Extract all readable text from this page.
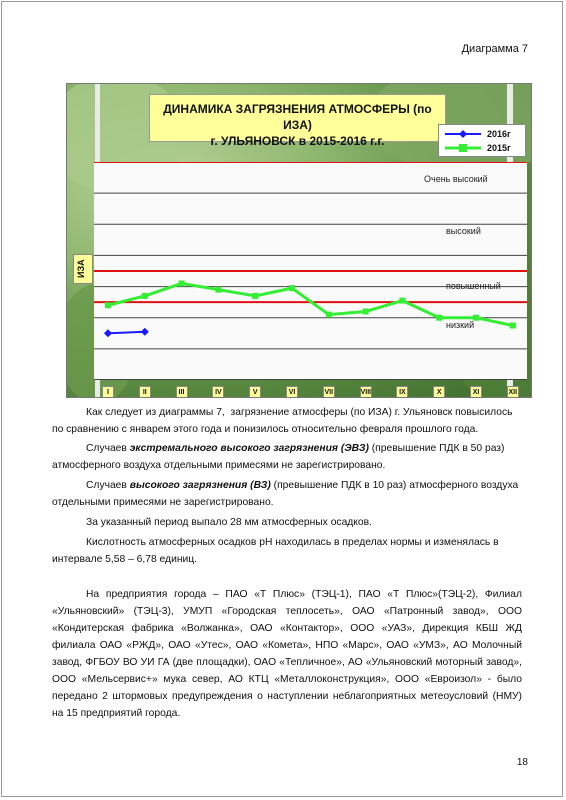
Диаграмма 7
ДИНАМИКА ЗАГРЯЗНЕНИЯ АТМОСФЕРЫ (по ИЗА)
г. УЛЬЯНОВСК в 2015-2016 г.г.	2016г
2015г
ИЗА
Очень высокий
высокий
повышенный
низкий
I	II	III	IV	V	VI	VII	VIII	IX	X	XI	XII

Как следует из диаграммы 7, загрязнение атмосферы (по ИЗА) г. Ульяновск повысилось по сравнению с январем этого года и понизилось относительно февраля прошлого года.

Случаев экстремального высокого загрязнения (ЭВЗ) (превышение ПДК в 50 раз) атмосферного воздуха отдельными примесями не зарегистрировано.

Случаев высокого загрязнения (ВЗ) (превышение ПДК в 10 раз) атмосферного воздуха отдельными примесями не зарегистрировано.

За указанный период выпало 28 мм атмосферных осадков.

Кислотность атмосферных осадков pH находилась в пределах нормы и изменялась в интервале 5,58 – 6,78 единиц.

На предприятия города – ПАО «Т Плюс» (ТЭЦ-1), ПАО «Т Плюс»(ТЭЦ-2), Филиал «Ульяновский» (ТЭЦ-3), УМУП «Городская теплосеть», ОАО «Патронный завод», ООО «Кондитерская фабрика «Волжанка», ОАО «Контактор», ООО «УАЗ», Дирекция КБШ ЖД филиала ОАО «РЖД», ОАО «Утес», ОАО «Комета», НПО «Марс», ОАО «УМЗ», АО Молочный завод, ФГБОУ ВО УИ ГА (две площадки), ОАО «Тепличное», АО «Ульяновский моторный завод», ООО «Мельсервис+» мука север, АО КТЦ «Металлоконструкция», ООО «Евроизол» - было передано 2 штормовых предупреждения о наступлении неблагоприятных метеоусловий (НМУ) на 15 предприятий города.

18
